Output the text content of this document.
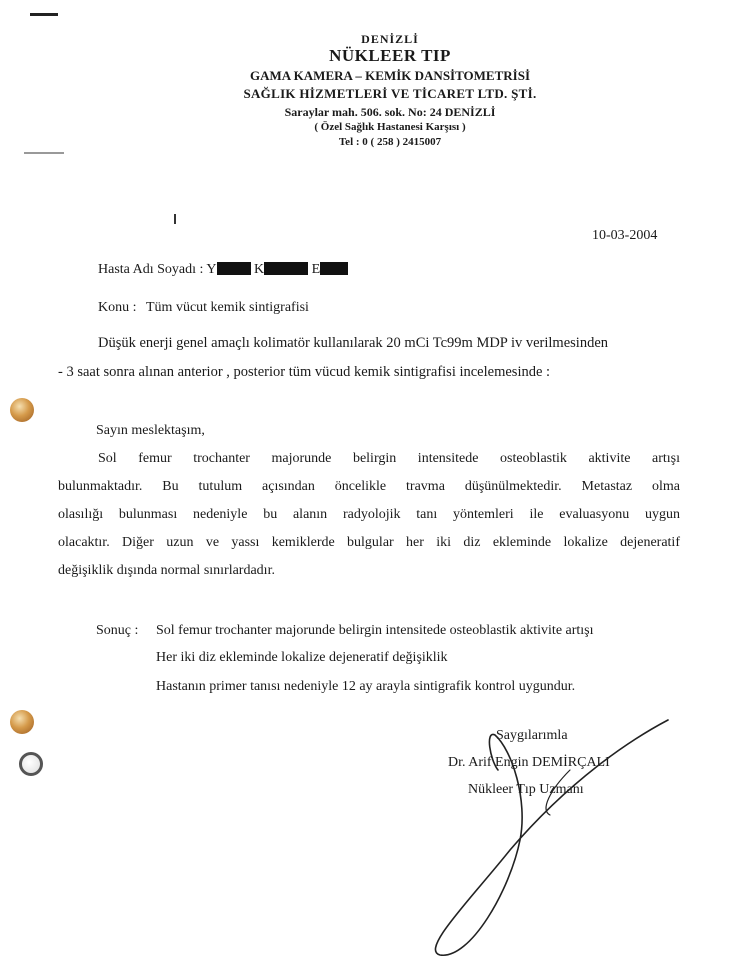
DENİZLİ
NÜKLEER TIP
GAMA KAMERA – KEMİK DANSİTOMETRİSİ
SAĞLIK HİZMETLERİ VE TİCARET LTD. ŞTİ.
Saraylar mah. 506. sok. No: 24 DENİZLİ
( Özel Sağlık Hastanesi Karşısı )
Tel : 0 ( 258 ) 2415007
10-03-2004
Hasta Adı Soyadı : Y	K	E
Konu : Tüm vücut kemik sintigrafisi
Düşük enerji genel amaçlı kolimatör kullanılarak 20 mCi Tc99m MDP iv verilmesinden
- 3 saat sonra alınan anterior , posterior tüm vücud kemik sintigrafisi incelemesinde :
Sayın meslektaşım,
Sol femur trochanter majorunde belirgin intensitede osteoblastik aktivite artışı
bulunmaktadır. Bu tutulum açısından öncelikle travma düşünülmektedir. Metastaz olma
olasılığı bulunması nedeniyle bu alanın radyolojik tanı yöntemleri ile evaluasyonu uygun
olacaktır. Diğer uzun ve yassı kemiklerde bulgular her iki diz ekleminde lokalize dejeneratif
değişiklik dışında normal sınırlardadır.
Sonuç : Sol femur trochanter majorunde belirgin intensitede osteoblastik aktivite artışı
Her iki diz ekleminde lokalize dejeneratif değişiklik
Hastanın primer tanısı nedeniyle 12 ay arayla sintigrafik kontrol uygundur.
Saygılarımla
Dr. Arif Engin DEMİRÇALI
Nükleer Tıp Uzmanı
